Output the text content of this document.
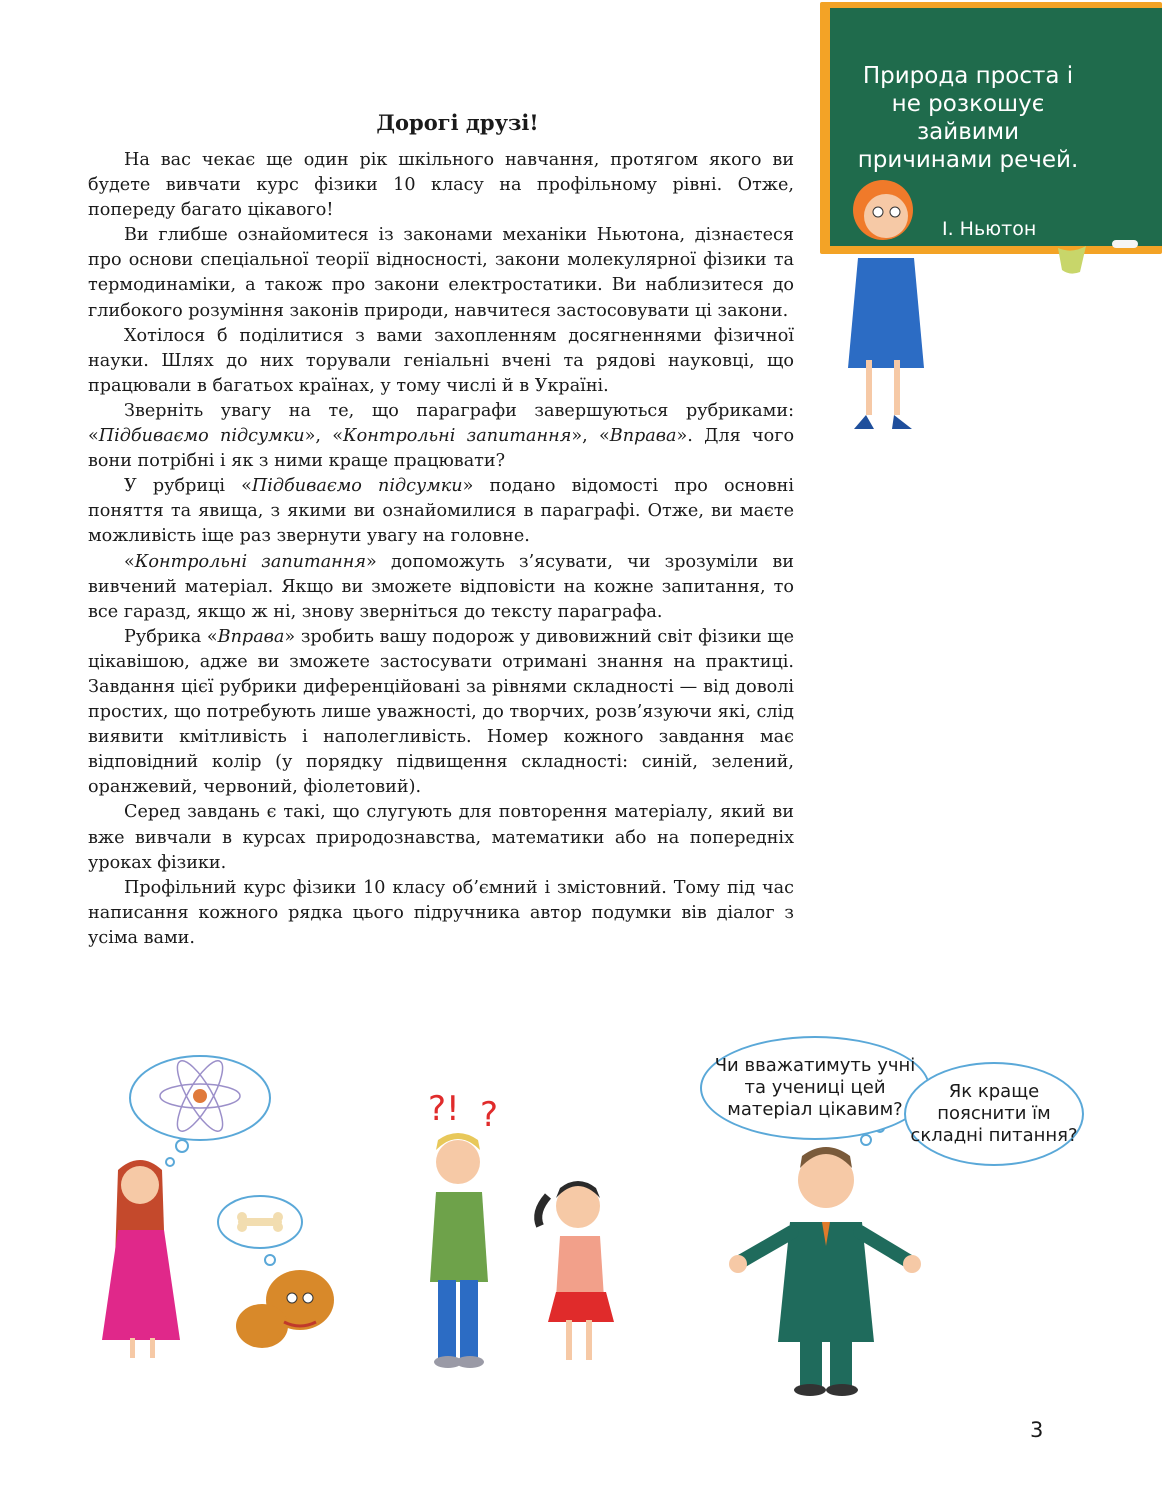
Дорогі друзі!

На вас чекає ще один рік шкільного навчання, протягом якого ви будете вивчати курс фізики 10 класу на профільному рівні. Отже, попереду багато цікавого!

Ви глибше ознайомитеся із законами механіки Ньютона, дізнаєтеся про основи спеціальної теорії відносності, закони молекулярної фізики та термодинаміки, а також про закони електростатики. Ви наблизитеся до глибокого розуміння законів природи, навчитеся застосовувати ці закони.

Хотілося б поділитися з вами захопленням досягненнями фізичної науки. Шлях до них торували геніальні вчені та рядові науковці, що працювали в багатьох країнах, у тому числі й в Україні.

Зверніть увагу на те, що параграфи завершуються рубриками: «Підбиваємо підсумки», «Контрольні запитання», «Вправа». Для чого вони потрібні і як з ними краще працювати?

У рубриці «Підбиваємо підсумки» подано відомості про основні поняття та явища, з якими ви ознайомилися в параграфі. Отже, ви маєте можливість іще раз звернути увагу на головне.

«Контрольні запитання» допоможуть з’ясувати, чи зрозуміли ви вивчений матеріал. Якщо ви зможете відповісти на кожне запитання, то все гаразд, якщо ж ні, знову зверніться до тексту параграфа.

Рубрика «Вправа» зробить вашу подорож у дивовижний світ фізики ще цікавішою, адже ви зможете застосувати отримані знання на практиці. Завдання цієї рубрики диференційовані за рівнями складності — від доволі простих, що потребують лише уважності, до творчих, розв’язуючи які, слід виявити кмітливість і наполегливість. Номер кожного завдання має відповідний колір (у порядку підвищення складності: синій, зелений, оранжевий, червоний, фіолетовий).

Серед завдань є такі, що слугують для повторення матеріалу, який ви вже вивчали в курсах природознавства, математики або на попередніх уроках фізики.

Профільний курс фізики 10 класу об’ємний і змістовний. Тому під час написання кожного рядка цього підручника автор подумки вів діалог з усіма вами.

Природа проста і не розкошує зайвими причинами речей.
І. Ньютон
?! ?
Чи вважатимуть учні та учениці цей матеріал цікавим?
Як краще пояснити їм складні питання?
3
